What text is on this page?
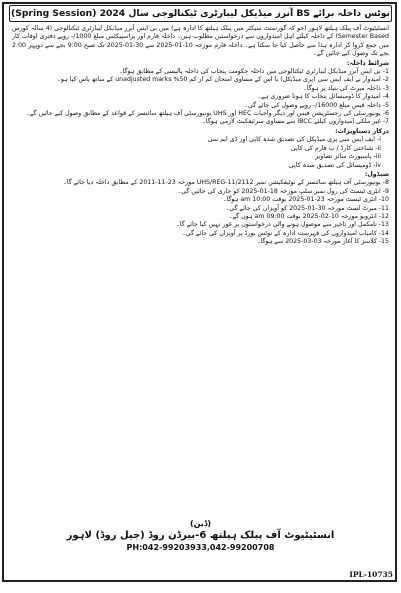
نوٹس داخلہ برائے BS آنرز میڈیکل لیبارٹری ٹیکنالوجی سال 2024 (Spring Session)

انسٹیٹیوٹ آف پبلک ہیلتھ لاہور (جو کہ گورنمنٹ سیکٹر میں پبلک ہیلتھ کا ادارہ ہے) میں بی ایس آنرز میڈیکل لیبارٹری ٹیکنالوجی (4 سالہ کورس Semester Based) کے داخلہ کیلئے اہل امیدواروں سے درخواستیں مطلوب ہیں۔ داخلہ فارم اور پراسپیکٹس مبلغ 1000/- روپے دفتری اوقات کار میں جمع کروا کر ادارہ ہذا سے حاصل کیا جا سکتا ہے۔ داخلہ فارم مورخہ 10-01-2025 سے 30-01-2025 تک صبح 9:00 بجے سے دوپہر 2:00 بجے تک وصول کیے جائیں گے۔

شرائط داخلہ:
1- بی ایس آنرز میڈیکل لیبارٹری ٹیکنالوجی میں داخلہ حکومت پنجاب کی داخلہ پالیسی کے مطابق ہوگا۔
2- امیدوار نے ایف ایس سی (پری میڈیکل) یا اس کے مساوی امتحان کم از کم 50% unadjusted marks کے ساتھ پاس کیا ہو۔
3- داخلہ میرٹ کی بنیاد پر ہوگا۔
4- امیدوار کا ڈومیسائل پنجاب کا ہونا ضروری ہے۔
5- داخلہ فیس مبلغ 16000/- روپے وصول کی جائے گی۔
6- یونیورسٹی کی رجسٹریشن فیس اور دیگر واجبات HEC اور UHS یونیورسٹی آف ہیلتھ سائنسز کے قواعد کے مطابق وصول کیے جائیں گے۔
7- غیر ملکی امیدواروں کیلئے IBCC سے مساوی سرٹیفکیٹ لازمی ہوگا۔
درکار دستاویزات:
i- ایف ایس سی پری میڈیکل کی تصدیق شدہ کاپی اور ڈی ایم سی
ii- شناختی کارڈ / ب فارم کی کاپی
iii- پاسپورٹ سائز تصاویر
iv- ڈومیسائل کی تصدیق شدہ کاپی
شیڈول:
8- یونیورسٹی آف ہیلتھ سائنسز کے نوٹیفکیشن نمبر UHS/REG-11/2112 مورخہ 23-11-2011 کے مطابق داخلہ دیا جائے گا۔
9- انٹری ٹیسٹ کی رول نمبر سلپ مورخہ 18-01-2025 کو جاری کی جائیں گی۔
10- انٹری ٹیسٹ مورخہ 23-01-2025 بوقت 10:00 am ہوگا۔
11- میرٹ لسٹ مورخہ 30-01-2025 کو آویزاں کی جائے گی۔
12- انٹرویو مورخہ 10-02-2025 بوقت 09:00 am ہوں گے۔
13- نامکمل اور تاخیر سے موصول ہونے والی درخواستوں پر غور نہیں کیا جائے گا۔
14- کامیاب امیدواروں کی فہرست ادارہ کے نوٹس بورڈ پر آویزاں کی جائے گی۔
15- کلاسز کا آغاز مورخہ 03-03-2025 سے ہوگا۔
(ڈین)
انسٹیٹیوٹ آف پبلک ہیلتھ 6-بیرڈن روڈ (جیل روڈ) لاہور
PH:042-99203933,042-99200708
IPL-10735
